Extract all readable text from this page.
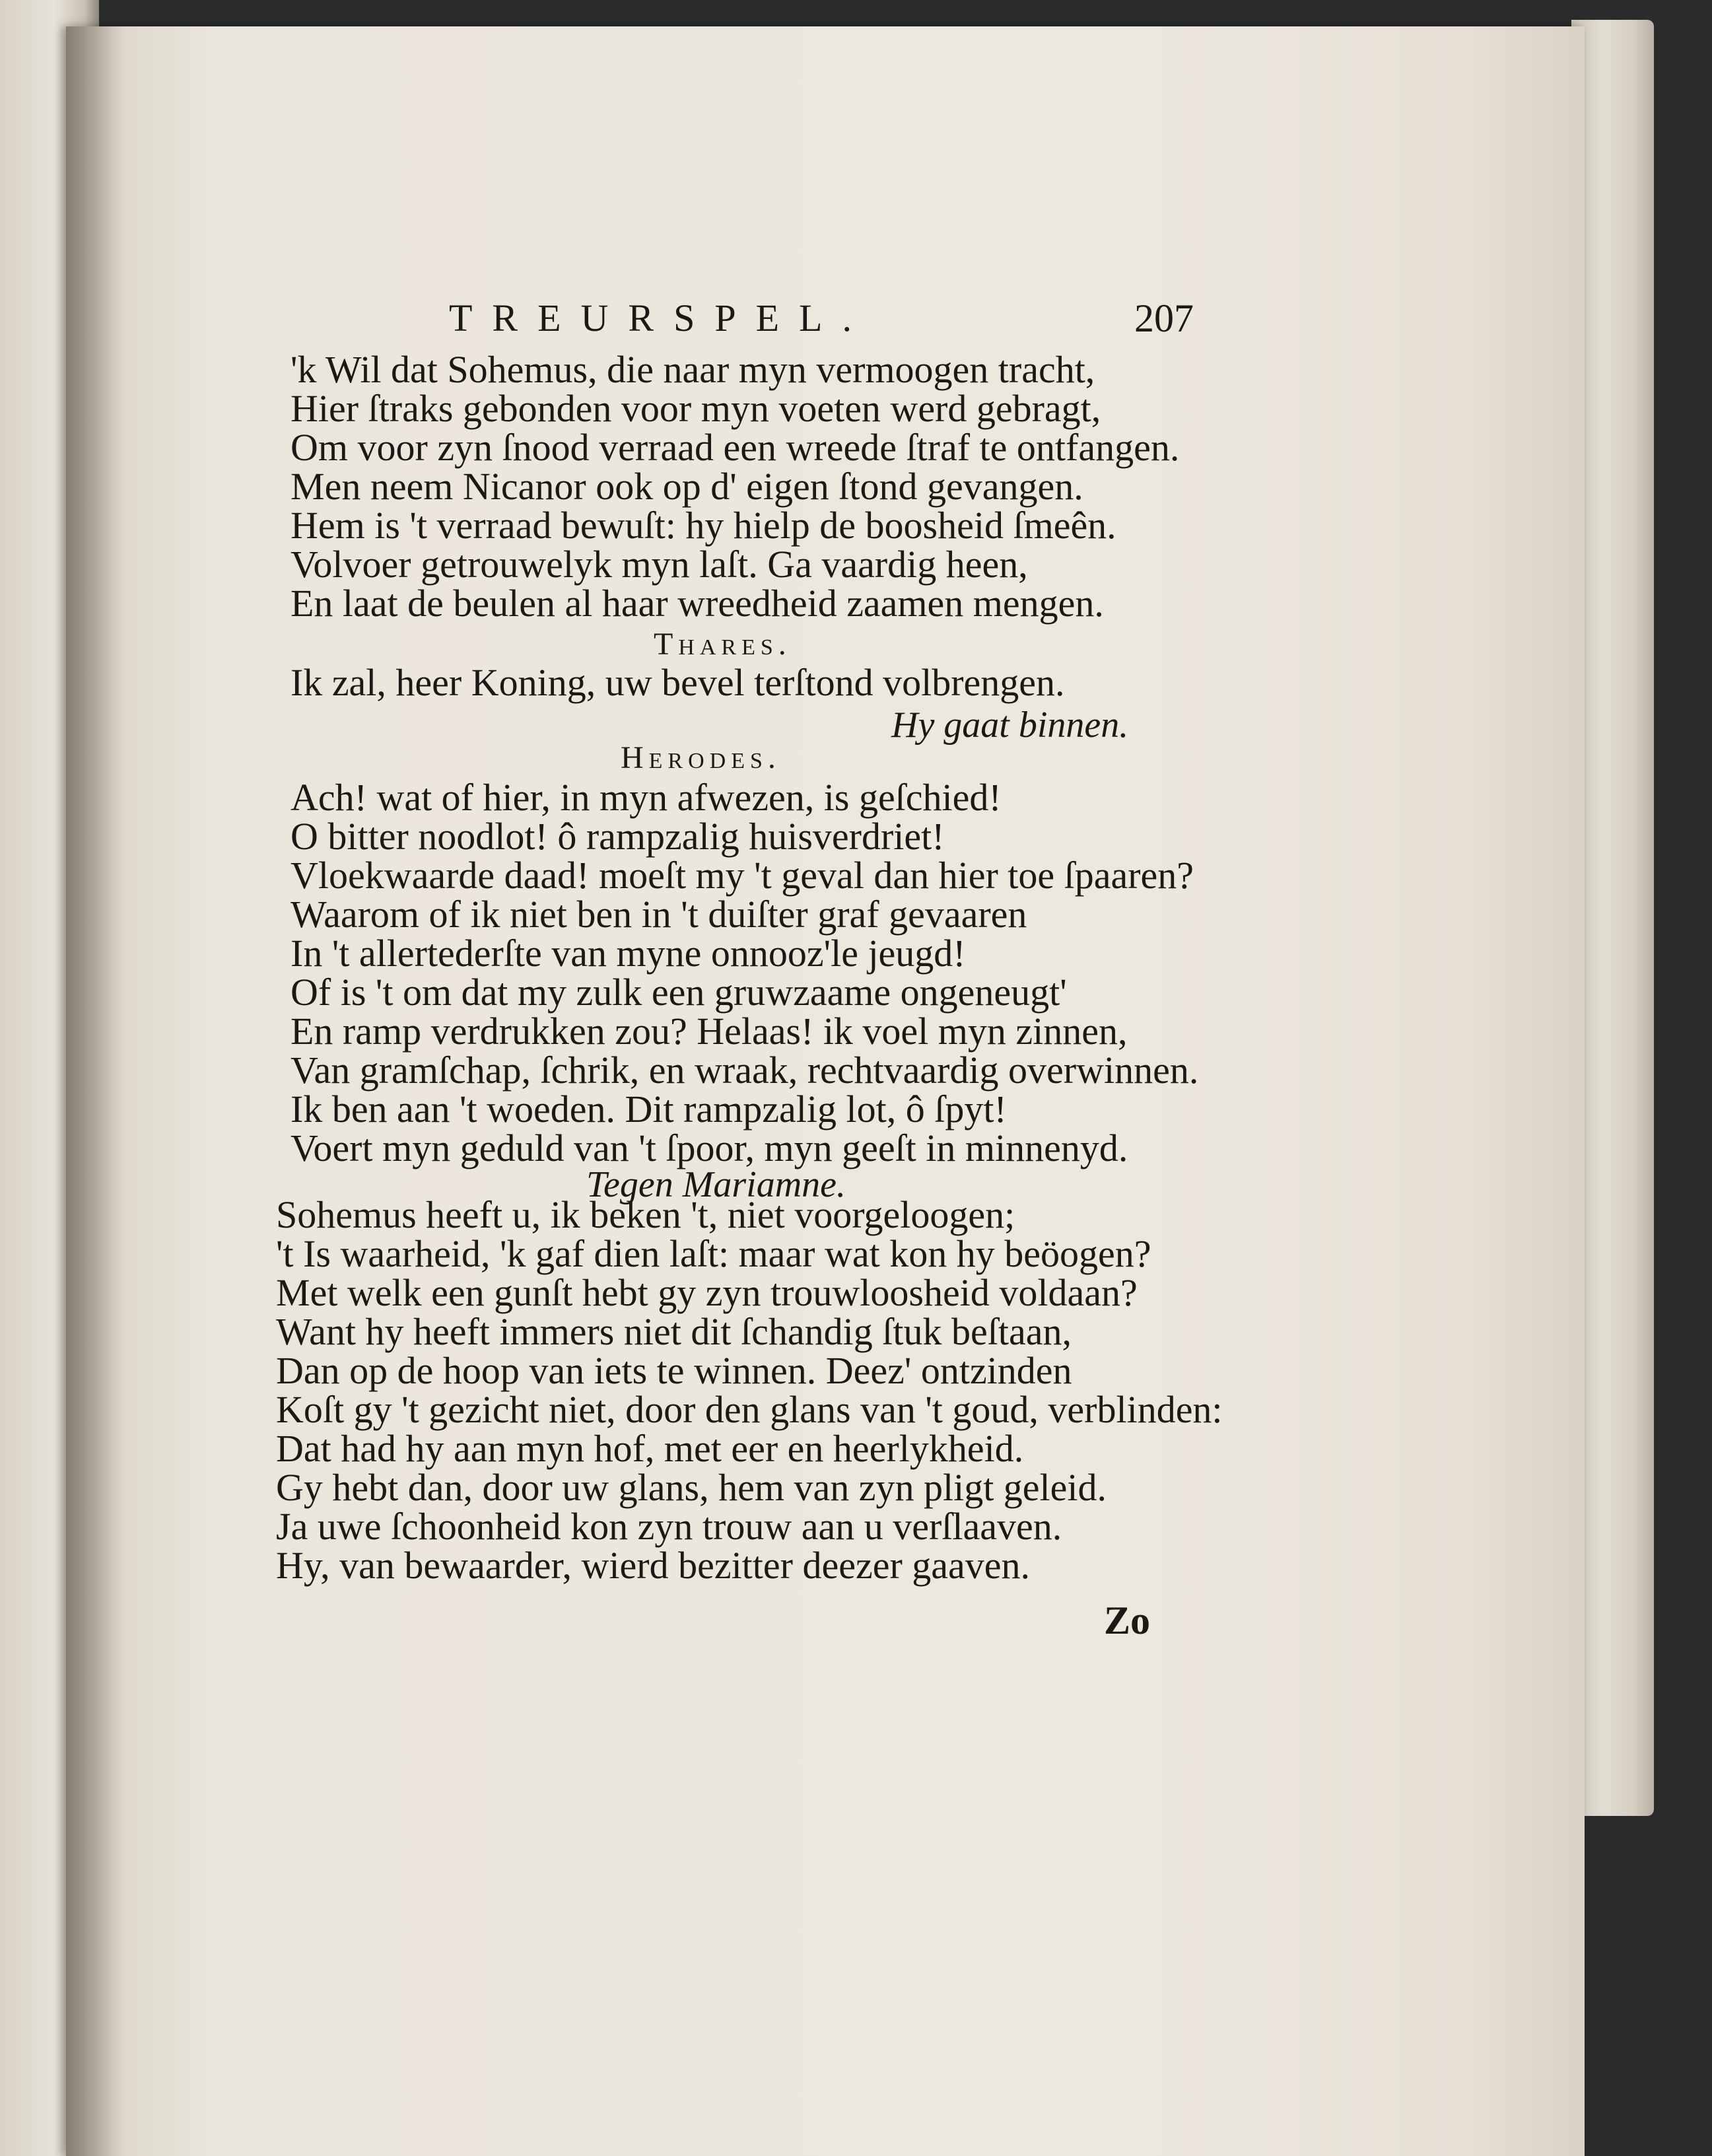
TREURSPEL.	207
'k Wil dat Sohemus, die naar myn vermoogen tracht,
Hier ſtraks gebonden voor myn voeten werd gebragt,
Om voor zyn ſnood verraad een wreede ſtraf te ontfangen.
Men neem Nicanor ook op d' eigen ſtond gevangen.
Hem is 't verraad bewuſt: hy hielp de boosheid ſmeên.
Volvoer getrouwelyk myn laſt. Ga vaardig heen,
En laat de beulen al haar wreedheid zaamen mengen.
Thares.
Ik zal, heer Koning, uw bevel terſtond volbrengen.
Hy gaat binnen.
Herodes.
Ach! wat of hier, in myn afwezen, is geſchied!
O bitter noodlot! ô rampzalig huisverdriet!
Vloekwaarde daad! moeſt my 't geval dan hier toe ſpaaren?
Waarom of ik niet ben in 't duiſter graf gevaaren
In 't allertederſte van myne onnooz'le jeugd!
Of is 't om dat my zulk een gruwzaame ongeneugt'
En ramp verdrukken zou? Helaas! ik voel myn zinnen,
Van gramſchap, ſchrik, en wraak, rechtvaardig overwinnen.
Ik ben aan 't woeden. Dit rampzalig lot, ô ſpyt!
Voert myn geduld van 't ſpoor, myn geeſt in minnenyd.
Tegen Mariamne.
Sohemus heeft u, ik beken 't, niet voorgeloogen;
't Is waarheid, 'k gaf dien laſt: maar wat kon hy beöogen?
Met welk een gunſt hebt gy zyn trouwloosheid voldaan?
Want hy heeft immers niet dit ſchandig ſtuk beſtaan,
Dan op de hoop van iets te winnen. Deez' ontzinden
Koſt gy 't gezicht niet, door den glans van 't goud, verblinden:
Dat had hy aan myn hof, met eer en heerlykheid.
Gy hebt dan, door uw glans, hem van zyn pligt geleid.
Ja uwe ſchoonheid kon zyn trouw aan u verſlaaven.
Hy, van bewaarder, wierd bezitter deezer gaaven.
Zo
